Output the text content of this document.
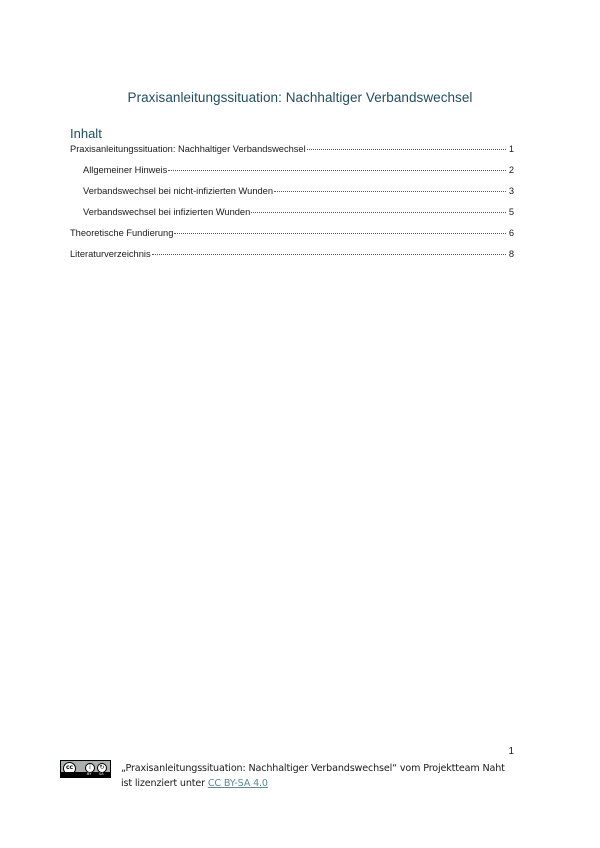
Praxisanleitungssituation: Nachhaltiger Verbandswechsel
Inhalt
Praxisanleitungssituation: Nachhaltiger Verbandswechsel	1
Allgemeiner Hinweis	2
Verbandswechsel bei nicht-infizierten Wunden	3
Verbandswechsel bei infizierten Wunden	5
Theoretische Fundierung	6
Literaturverzeichnis	8
1
cc	i	↻
BY SA „Praxisanleitungssituation: Nachhaltiger Verbandswechsel“ vom Projektteam Naht
ist lizenziert unter CC BY-SA 4.0
